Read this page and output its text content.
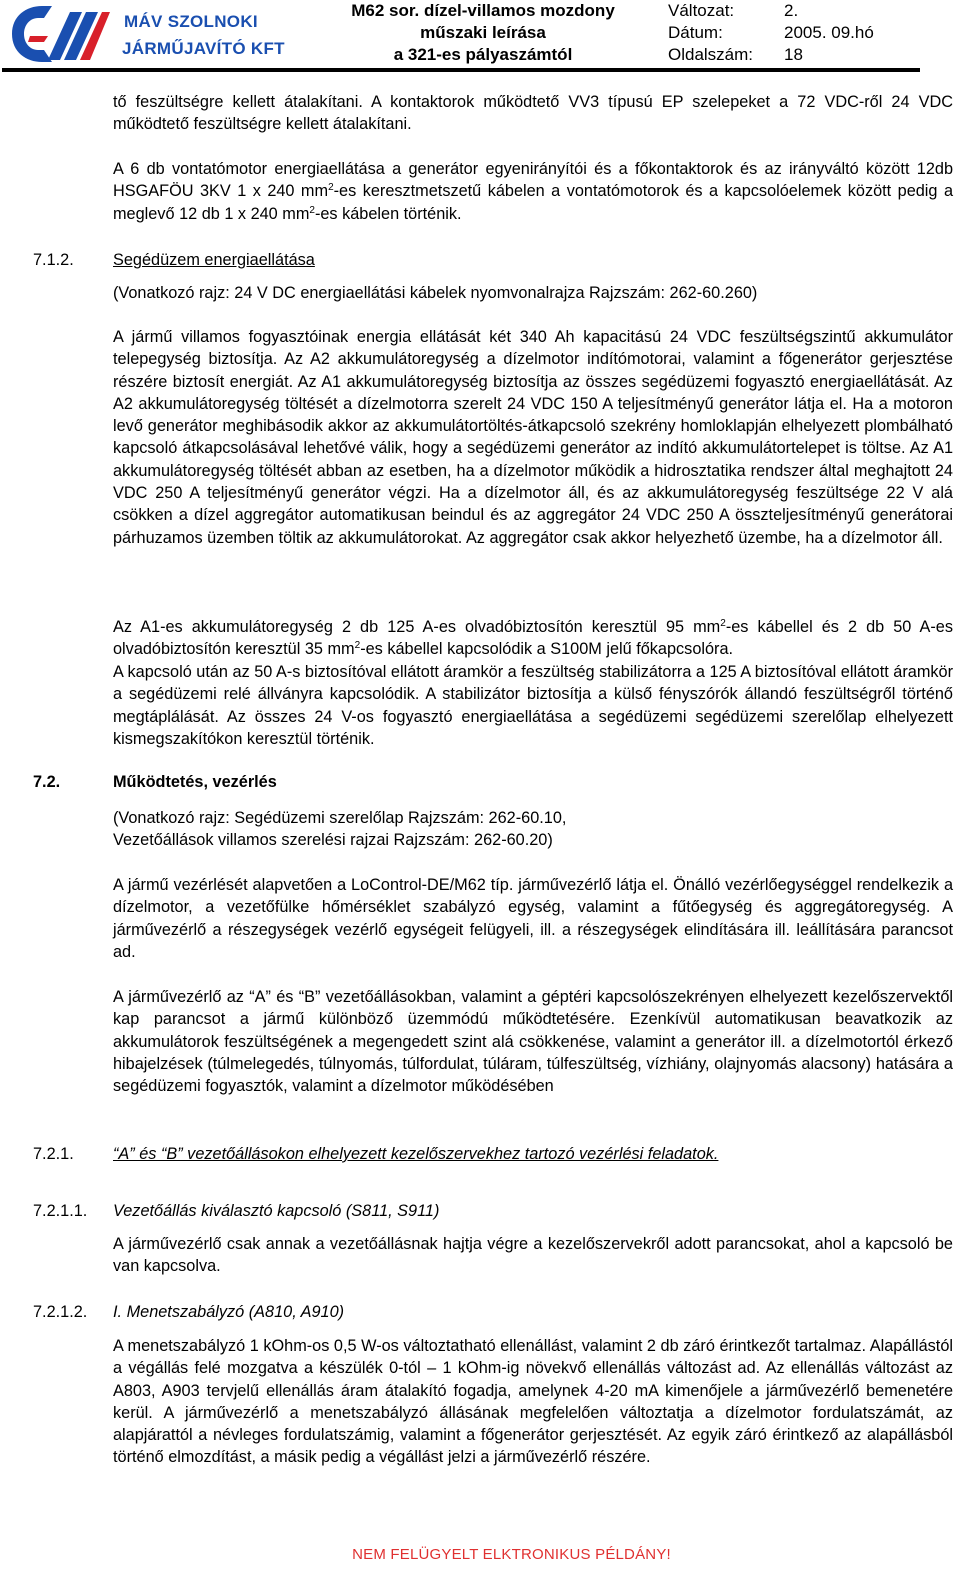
MÁV SZOLNOKI
JÁRMŰJAVÍTÓ KFT
M62 sor. dízel-villamos mozdony
műszaki leírása
a 321-es pályaszámtól
Változat:	2.
Dátum:	2005. 09.hó
Oldalszám:	18
tő feszültségre kellett átalakítani. A kontaktorok működtető VV3 típusú EP szelepeket a 72 VDC-ről 24 VDC működtető feszültségre kellett átalakítani.
A 6 db vontatómotor energiaellátása a generátor egyenirányítói és a főkontaktorok és az irányváltó között 12db HSGAFÖU 3KV 1 x 240 $mm^2-es$ keresztmetszetű kábelen a vontatómotorok és a kapcsolóelemek között pedig a meglevő 12 db 1 x 240 $mm^2-es$ kábelen történik.
7.1.2. Segédüzem energiaellátása
(Vonatkozó rajz: 24 V DC energiaellátási kábelek nyomvonalrajza Rajzszám: 262-60.260)
A jármű villamos fogyasztóinak energia ellátását két 340 Ah kapacitású 24 VDC feszültségszintű akkumulátor telepegység biztosítja. Az A2 akkumulátoregység a dízelmotor indítómotorai, valamint a főgenerátor gerjesztése részére biztosít energiát. Az A1 akkumulátoregység biztosítja az összes segédüzemi fogyasztó energiaellátását. Az A2 akkumulátoregység töltését a dízelmotorra szerelt 24 VDC 150 A teljesítményű generátor látja el. Ha a motoron levő generátor meghibásodik akkor az akkumulátortöltés-átkapcsoló szekrény homloklapján elhelyezett plombálható kapcsoló átkapcsolásával lehetővé válik, hogy a segédüzemi generátor az indító akkumulátortelepet is töltse. Az A1 akkumulátoregység töltését abban az esetben, ha a dízelmotor működik a hidrosztatika rendszer által meghajtott 24 VDC 250 A teljesítményű generátor végzi. Ha a dízelmotor áll, és az akkumulátoregység feszültsége 22 V alá csökken a dízel aggregátor automatikusan beindul és az aggregátor 24 VDC 250 A összteljesítményű generátorai párhuzamos üzemben töltik az akkumulátorokat. Az aggregátor csak akkor helyezhető üzembe, ha a dízelmotor áll.
Az A1-es akkumulátoregység 2 db 125 A-es olvadóbiztosítón keresztül 95 $mm^2-es$ kábellel és 2 db 50 A-es olvadóbiztosítón keresztül 35 $mm^2-es$ kábellel kapcsolódik a S100M jelű főkapcsolóra.
A kapcsoló után az 50 A-s biztosítóval ellátott áramkör a feszültség stabilizátorra a 125 A biztosítóval ellátott áramkör a segédüzemi relé állványra kapcsolódik. A stabilizátor biztosítja a külső fényszórók állandó feszültségről történő megtáplálását. Az összes 24 V-os fogyasztó energiaellátása a segédüzemi segédüzemi szerelőlap elhelyezett kismegszakítókon keresztül történik.
7.2.	Működtetés, vezérlés
(Vonatkozó rajz: Segédüzemi szerelőlap Rajzszám: 262-60.10,
Vezetőállások villamos szerelési rajzai Rajzszám: 262-60.20)
A jármű vezérlését alapvetően a LoControl-DE/M62 típ. járművezérlő látja el. Önálló vezérlőegységgel rendelkezik a dízelmotor, a vezetőfülke hőmérséklet szabályzó egység, valamint a fűtőegység és aggregátoregység. A járművezérlő a részegységek vezérlő egységeit felügyeli, ill. a részegységek elindítására ill. leállítására parancsot ad.
A járművezérlő az “A” és “B” vezetőállásokban, valamint a géptéri kapcsolószekrényen elhelyezett kezelőszervektől kap parancsot a jármű különböző üzemmódú működtetésére. Ezenkívül automatikusan beavatkozik az akkumulátorok feszültségének a megengedett szint alá csökkenése, valamint a generátor ill. a dízelmotortól érkező hibajelzések (túlmelegedés, túlnyomás, túlfordulat, túláram, túlfeszültség, vízhiány, olajnyomás alacsony) hatására a segédüzemi fogyasztók, valamint a dízelmotor működésében
7.2.1. “A” és “B” vezetőállásokon elhelyezett kezelőszervekhez tartozó vezérlési feladatok.
7.2.1.1. Vezetőállás kiválasztó kapcsoló (S811, S911)
A járművezérlő csak annak a vezetőállásnak hajtja végre a kezelőszervekről adott parancsokat, ahol a kapcsoló be van kapcsolva.
7.2.1.2. I. Menetszabályzó (A810, A910)
A menetszabályzó 1 kOhm-os 0,5 W-os változtatható ellenállást, valamint 2 db záró érintkezőt tartalmaz. Alapállástól a végállás felé mozgatva a készülék 0-tól – 1 kOhm-ig növekvő ellenállás változást ad. Az ellenállás változást az A803, A903 tervjelű ellenállás áram átalakító fogadja, amelynek 4-20 mA kimenőjele a járművezérlő bemenetére kerül. A járművezérlő a menetszabályzó állásának megfelelően változtatja a dízelmotor fordulatszámát, az alapjárattól a névleges fordulatszámig, valamint a főgenerátor gerjesztését. Az egyik záró érintkező az alapállásból történő elmozdítást, a másik pedig a végállást jelzi a járművezérlő részére.
NEM FELÜGYELT ELKTRONIKUS PÉLDÁNY!
